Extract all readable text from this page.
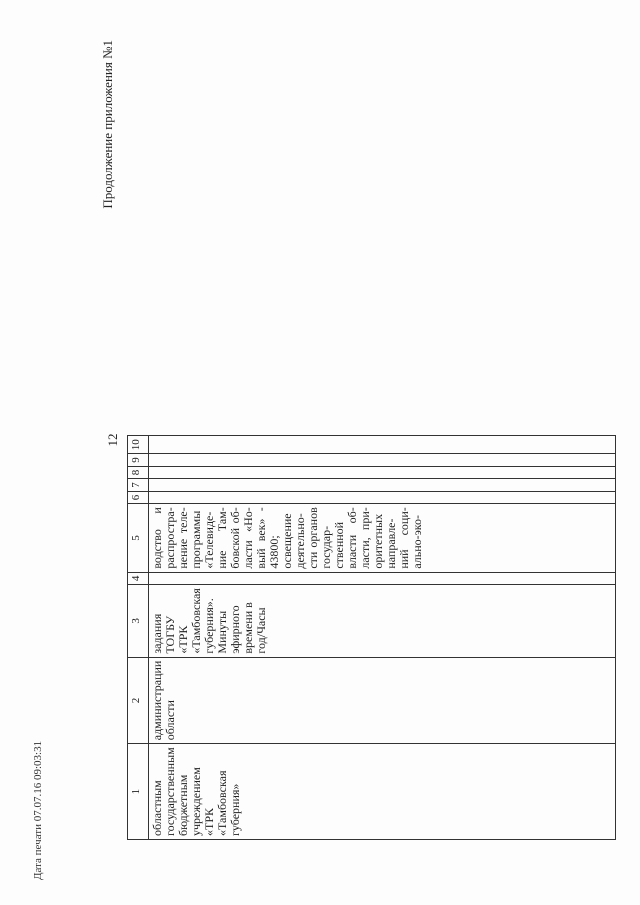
12
Продолжение приложения №1
1	2	3	4	5	6	7	8	9	10
областным государственным бюджетным учреждением «ТРК «Тамбовская губерния»	администрации области	задания ТОГБУ «ТРК «Тамбовская губерния». Минуты эфирного времени в год/Часы		водство и распростра-нение теле-программы «Телевиде-ние Там-бовской об-ласти «Но-вый век» - 43800; освещение деятельно-сти органов государ-ственной власти об-ласти, при-оритетных направле-ний соци-ально-эко-					
Дата печати 07.07.16 09:03:31
